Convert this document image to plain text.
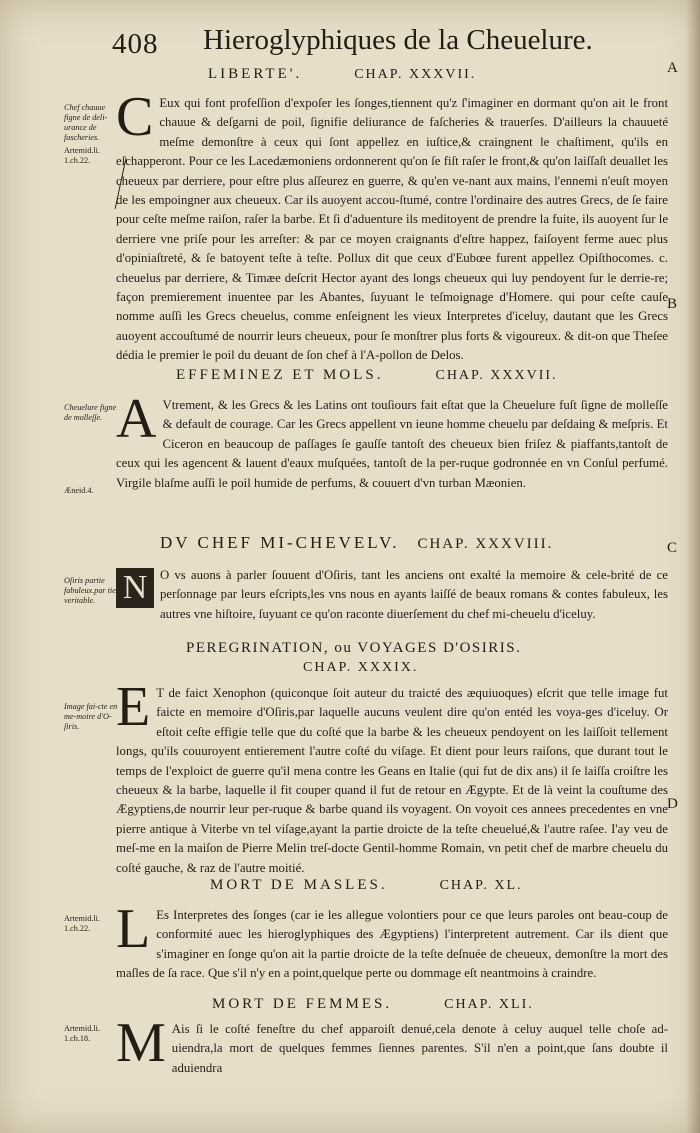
408 Hieroglyphiques de la Cheuelure.
A
B
C
D
LIBERTE'.	CHAP. XXXVII.
Chef chauue figne de deli-urance de fascheries.
Artemid.li. 1.ch.22.
C Eux qui font profeſſion d'expoſer les ſonges,tiennent qu'z ſ'imaginer en dormant qu'on ait le front chauue & deſgarni de poil, ſignifie deliurance de faſcheries & trauerſes. D'ailleurs la chauueté meſme demonſtre à ceux qui ſont appellez en iuſtice,& craingnent le chaſtiment, qu'ils en eſchapperont. Pour ce les Lacedæmoniens ordonnerent qu'on ſe fiſt raſer le front,& qu'on laiſſaſt deuallet les cheueux par derriere, pour eſtre plus aſſeurez en guerre, & qu'en ve-nant aux mains, l'ennemi n'euſt moyen de les empoingner aux cheueux. Car ils auoyent accou-ſtumé, contre l'ordinaire des autres Grecs, de ſe faire pour ceſte meſme raiſon, raſer la barbe. Et ſi d'aduenture ils meditoyent de prendre la fuite, ils auoyent ſur le derriere vne priſe pour les arreſter: & par ce moyen craignants d'eſtre happez, faiſoyent ferme auec plus d'opiniaſtreté, & ſe batoyent teſte à teſte. Pollux dit que ceux d'Eubœe furent appellez Opiſthocomes. c. cheuelus par derriere, & Timæe deſcrit Hector ayant des longs cheueux qui luy pendoyent ſur le derrie-re; façon premierement inuentee par les Abantes, ſuyuant le teſmoignage d'Homere. qui pour ceſte cauſe nomme auſſi les Grecs cheuelus, comme enſeignent les vieux Interpretes d'iceluy, dautant que les Grecs auoyent accouſtumé de nourrir leurs cheueux, pour ſe monſtrer plus forts & vigoureux. & dit-on que Theſee dédia le premier le poil du deuant de ſon chef à l'A-pollon de Delos.
EFFEMINEZ ET MOLS.	CHAP. XXXVII.
Cheuelure figne de molleſſe.
Æneid.4.
A Vtrement, & les Grecs & les Latins ont touſiours fait eſtat que la Cheuelure fuſt ſigne de molleſſe & default de courage. Car les Grecs appellent vn ieune homme cheuelu par deſdaing & meſpris. Et Ciceron en beaucoup de paſſages ſe gauſſe tantoſt des cheueux bien friſez & piaffants,tantoſt de ceux qui les agencent & lauent d'eaux muſquées, tantoſt de la per-ruque godronnée en vn Conſul perfumé. Virgile blaſme auſſi le poil humide de perfums, & couuert d'vn turban Mæonien.
DV CHEF MI-CHEVELV. CHAP. XXXVIII.
Oſiris partie fabuleux.par tie veritable. N O vs auons à parler ſouuent d'Oſiris, tant les anciens ont exalté la memoire & cele-brité de ce perſonnage par leurs eſcripts,les vns nous en ayants laiſſé de beaux romans & contes fabuleux, les autres vne hiſtoire, ſuyuant ce qu'on raconte diuerſement du chef mi-cheuelu d'iceluy.
PEREGRINATION, ou VOYAGES D'OSIRIS.
CHAP. XXXIX.
Image fai-cte en me-moire d'O-ſiris. E T de faict Xenophon (quiconque ſoit auteur du traicté des æquiuoques) eſcrit que telle image fut faicte en memoire d'Oſiris,par laquelle aucuns veulent dire qu'on entéd les voya-ges d'iceluy. Or eſtoit ceſte effigie telle que du coſté que la barbe & les cheueux pendoyent on les laiſſoit tellement longs, qu'ils couuroyent entierement l'autre coſté du viſage. Et dient pour leurs raiſons, que durant tout le temps de l'exploict de guerre qu'il mena contre les Geans en Italie (qui fut de dix ans) il ſe laiſſa croiſtre les cheueux & la barbe, laquelle il fit couper quand il fut de retour en Ægypte. Et de là veint la couſtume des Ægyptiens,de nourrir leur per-ruque & barbe quand ils voyagent. On voyoit ces annees precedentes en vne pierre antique à Viterbe vn tel viſage,ayant la partie droicte de la teſte cheuelué,& l'autre raſee. I'ay veu de meſ-me en la maiſon de Pierre Melin treſ-docte Gentil-homme Romain, vn petit chef de marbre cheuelu du coſté gauche, & raz de l'autre moitié.
MORT DE MASLES.	CHAP. XL.
Artemid.li. 1.ch.22. L Es Interpretes des ſonges (car ie les allegue volontiers pour ce que leurs paroles ont beau-coup de conformité auec les hieroglyphiques des Ægyptiens) l'interpretent autrement. Car ils dient que s'imaginer en ſonge qu'on ait la partie droicte de la teſte deſnuée de cheueux, demonſtre la mort des maſles de ſa race. Que s'il n'y en a point,quelque perte ou dommage eſt neantmoins à craindre.
MORT DE FEMMES.	CHAP. XLI.
Artemid.li. 1.ch.18. M Ais ſi le coſté feneſtre du chef apparoiſt denué,cela denote à celuy auquel telle choſe ad-uiendra,la mort de quelques femmes ſiennes parentes. S'il n'en a point,que ſans doubte il aduiendra
